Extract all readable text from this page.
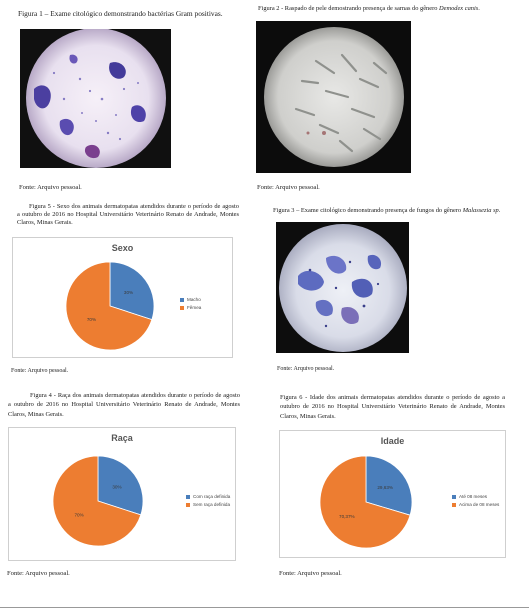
Figura 1 – Exame citológico demonstrando bactérias Gram positivas.
Figura 2 - Raspado de pele demostrando presença de sarnas do gênero Demodex canis.
Fonte: Arquivo pessoal.	Fonte: Arquivo pessoal.
Figura 5 - Sexo dos animais dermatopatas atendidos durante o período de agosto a outubro de 2016 no Hospital Universitário Veterinário Renato de Andrade, Montes Claros, Minas Gerais.
Figura 3 – Exame citológico demonstrando presença de fungos do gênero Malassezia sp.
Sexo
30%
70%
Macho
Fêmea
Fonte: Arquivo pessoal.
Fonte: Arquivo pessoal.
Figura 4 - Raça dos animais dermatopatas atendidos durante o período de agosto a outubro de 2016 no Hospital Universitário Veterinário Renato de Andrade, Montes Claros, Minas Gerais.
Figura 6 - Idade dos animais dermatopatas atendidos durante o período de agosto a outubro de 2016 no Hospital Universitário Veterinário Renato de Andrade, Montes Claros, Minas Gerais.
Raça
30%
70%
Com raça definida
Sem raça definida
Idade
29,63%
70,37%
Até 08 meses
Acima de 08 meses
Fonte: Arquivo pessoal.	Fonte: Arquivo pessoal.
